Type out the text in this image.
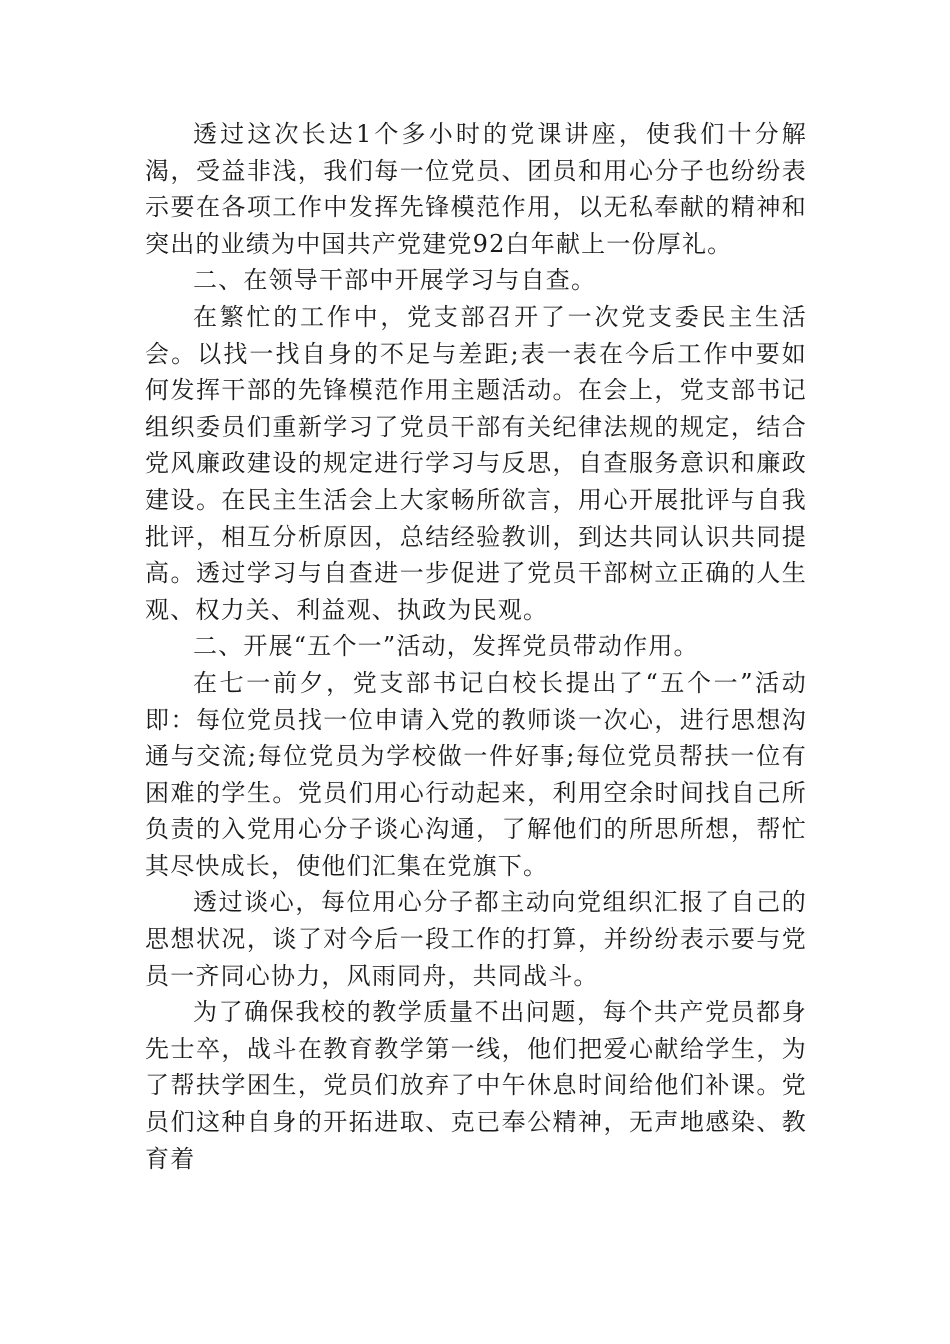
透过这次长达1个多小时的党课讲座，使我们十分解渴，受益非浅，我们每一位党员、团员和用心分子也纷纷表示要在各项工作中发挥先锋模范作用，以无私奉献的精神和突出的业绩为中国共产党建党92白年献上一份厚礼。

二、在领导干部中开展学习与自查。

在繁忙的工作中，党支部召开了一次党支委民主生活会。以找一找自身的不足与差距;表一表在今后工作中要如何发挥干部的先锋模范作用主题活动。在会上，党支部书记组织委员们重新学习了党员干部有关纪律法规的规定，结合党风廉政建设的规定进行学习与反思，自查服务意识和廉政建设。在民主生活会上大家畅所欲言，用心开展批评与自我批评，相互分析原因，总结经验教训，到达共同认识共同提高。透过学习与自查进一步促进了党员干部树立正确的人生观、权力关、利益观、执政为民观。

二、开展“五个一”活动，发挥党员带动作用。

在七一前夕，党支部书记白校长提出了“五个一”活动即：每位党员找一位申请入党的教师谈一次心，进行思想沟通与交流;每位党员为学校做一件好事;每位党员帮扶一位有困难的学生。党员们用心行动起来，利用空余时间找自己所负责的入党用心分子谈心沟通，了解他们的所思所想，帮忙其尽快成长，使他们汇集在党旗下。

透过谈心，每位用心分子都主动向党组织汇报了自己的思想状况，谈了对今后一段工作的打算，并纷纷表示要与党员一齐同心协力，风雨同舟，共同战斗。

为了确保我校的教学质量不出问题，每个共产党员都身先士卒，战斗在教育教学第一线，他们把爱心献给学生，为了帮扶学困生，党员们放弃了中午休息时间给他们补课。党员们这种自身的开拓进取、克已奉公精神，无声地感染、教育着
